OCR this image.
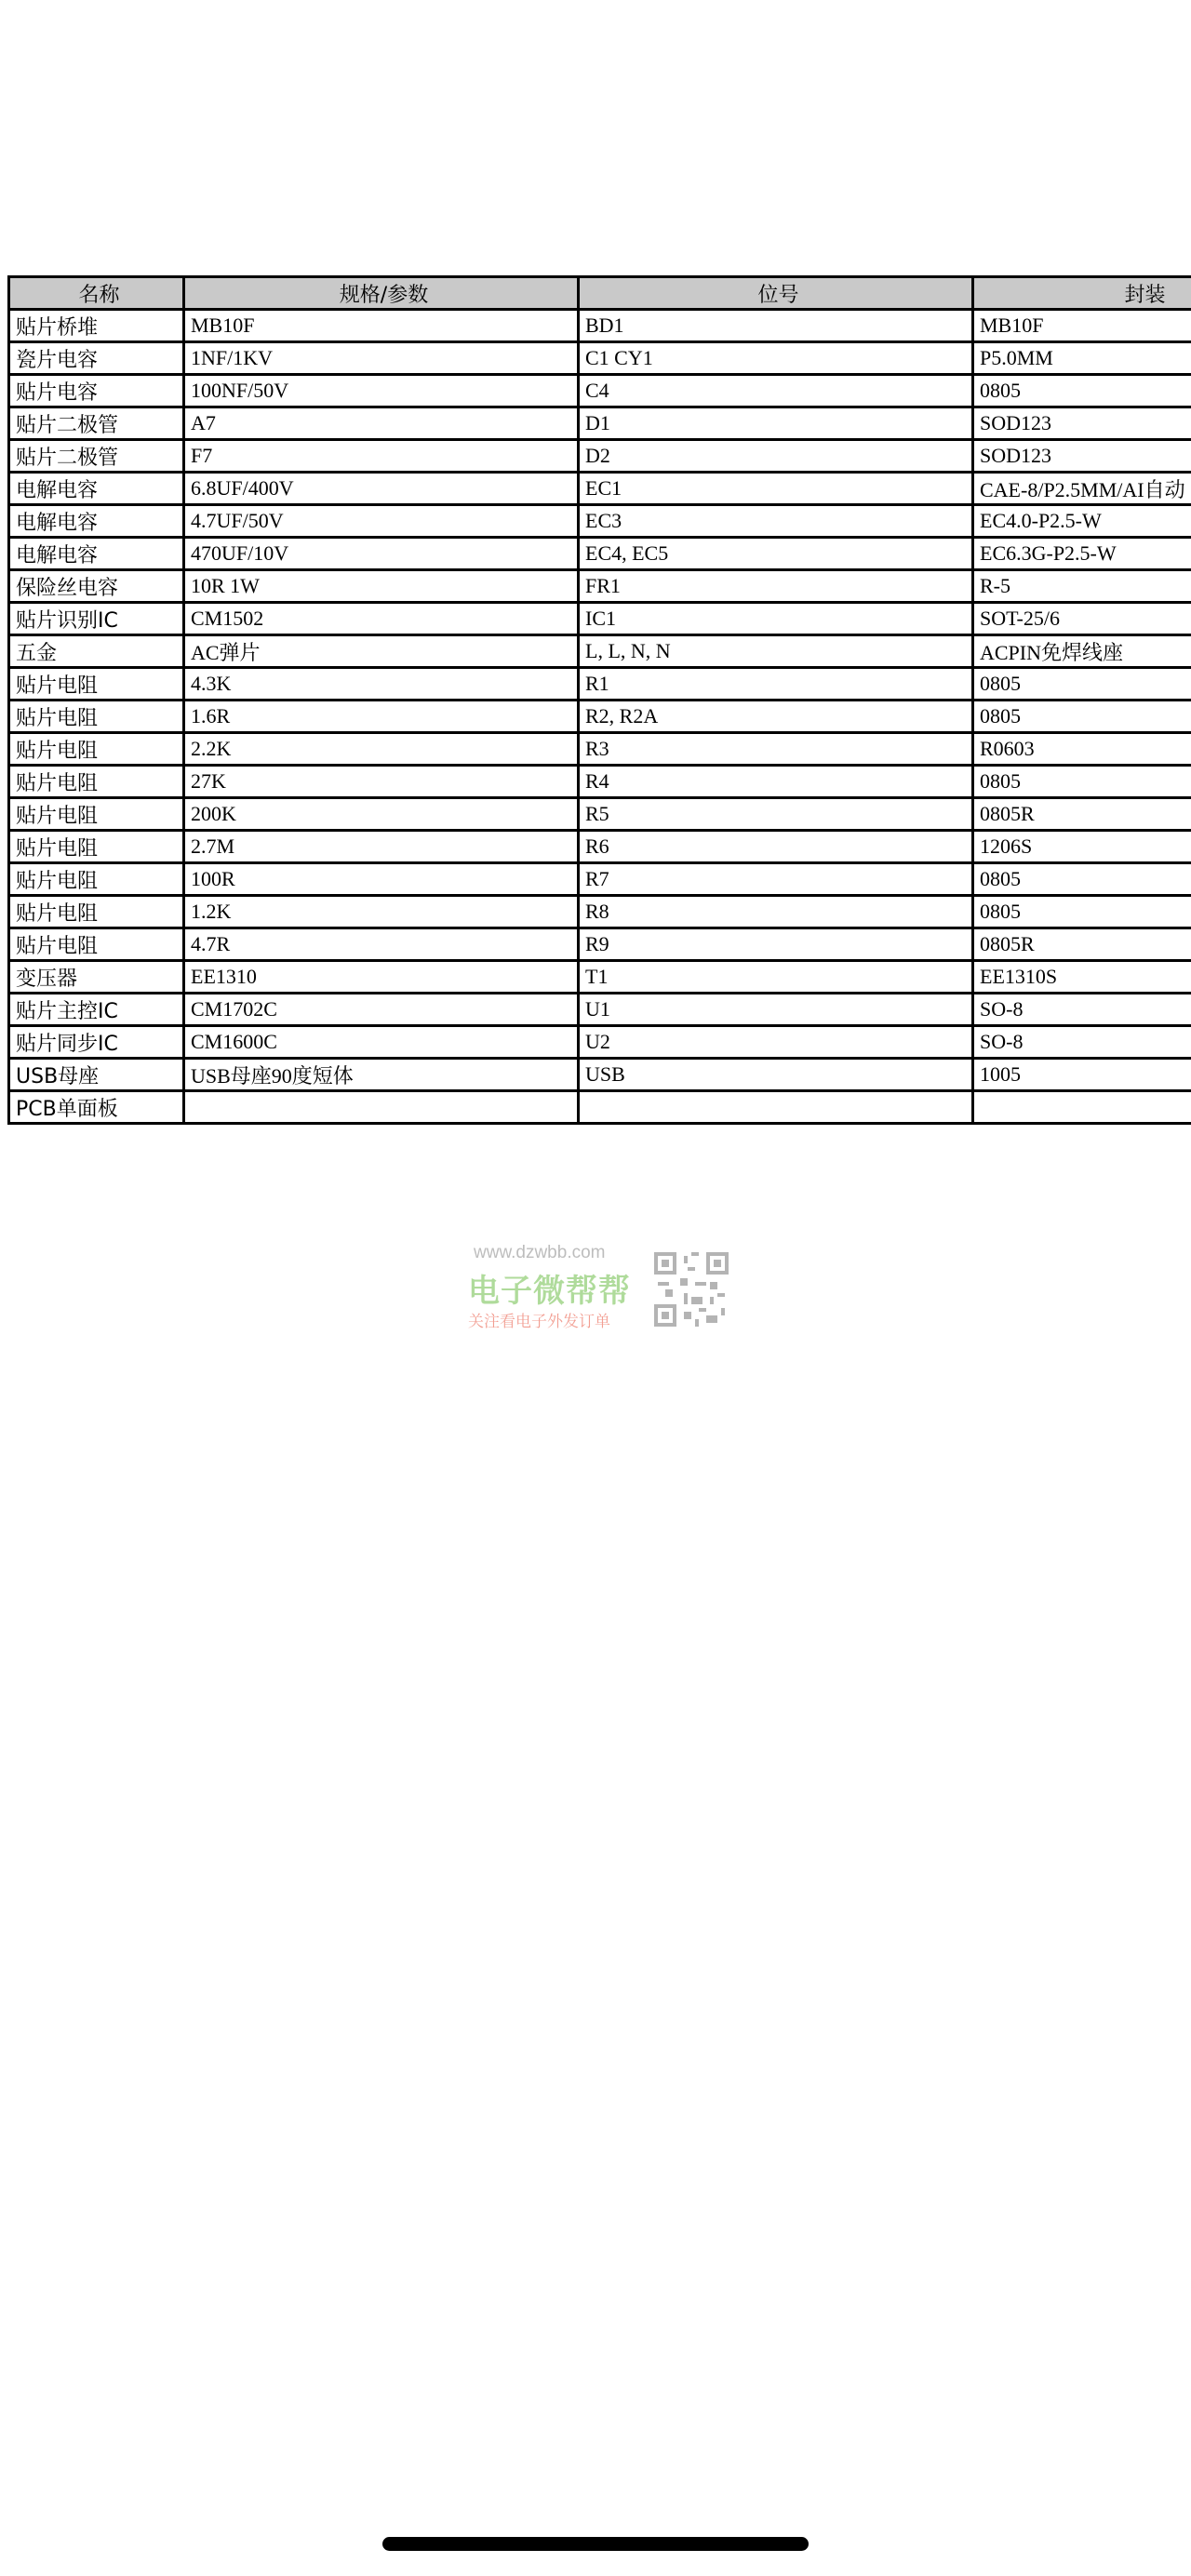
名称	规格/参数	位号	封装
贴片桥堆	MB10F	BD1	MB10F
瓷片电容	1NF/1KV	C1 CY1	P5.0MM
贴片电容	100NF/50V	C4	0805
贴片二极管	A7	D1	SOD123
贴片二极管	F7	D2	SOD123
电解电容	6.8UF/400V	EC1	CAE-8/P2.5MM/AI自动
电解电容	4.7UF/50V	EC3	EC4.0-P2.5-W
电解电容	470UF/10V	EC4, EC5	EC6.3G-P2.5-W
保险丝电容	10R 1W	FR1	R-5
贴片识别IC	CM1502	IC1	SOT-25/6
五金	AC弹片	L, L, N, N	ACPIN免焊线座
贴片电阻	4.3K	R1	0805
贴片电阻	1.6R	R2, R2A	0805
贴片电阻	2.2K	R3	R0603
贴片电阻	27K	R4	0805
贴片电阻	200K	R5	0805R
贴片电阻	2.7M	R6	1206S
贴片电阻	100R	R7	0805
贴片电阻	1.2K	R8	0805
贴片电阻	4.7R	R9	0805R
变压器	EE1310	T1	EE1310S
贴片主控IC	CM1702C	U1	SO-8
贴片同步IC	CM1600C	U2	SO-8
USB母座	USB母座90度短体	USB	1005
PCB单面板			
www.dzwbb.com
电子微帮帮
关注看电子外发订单
